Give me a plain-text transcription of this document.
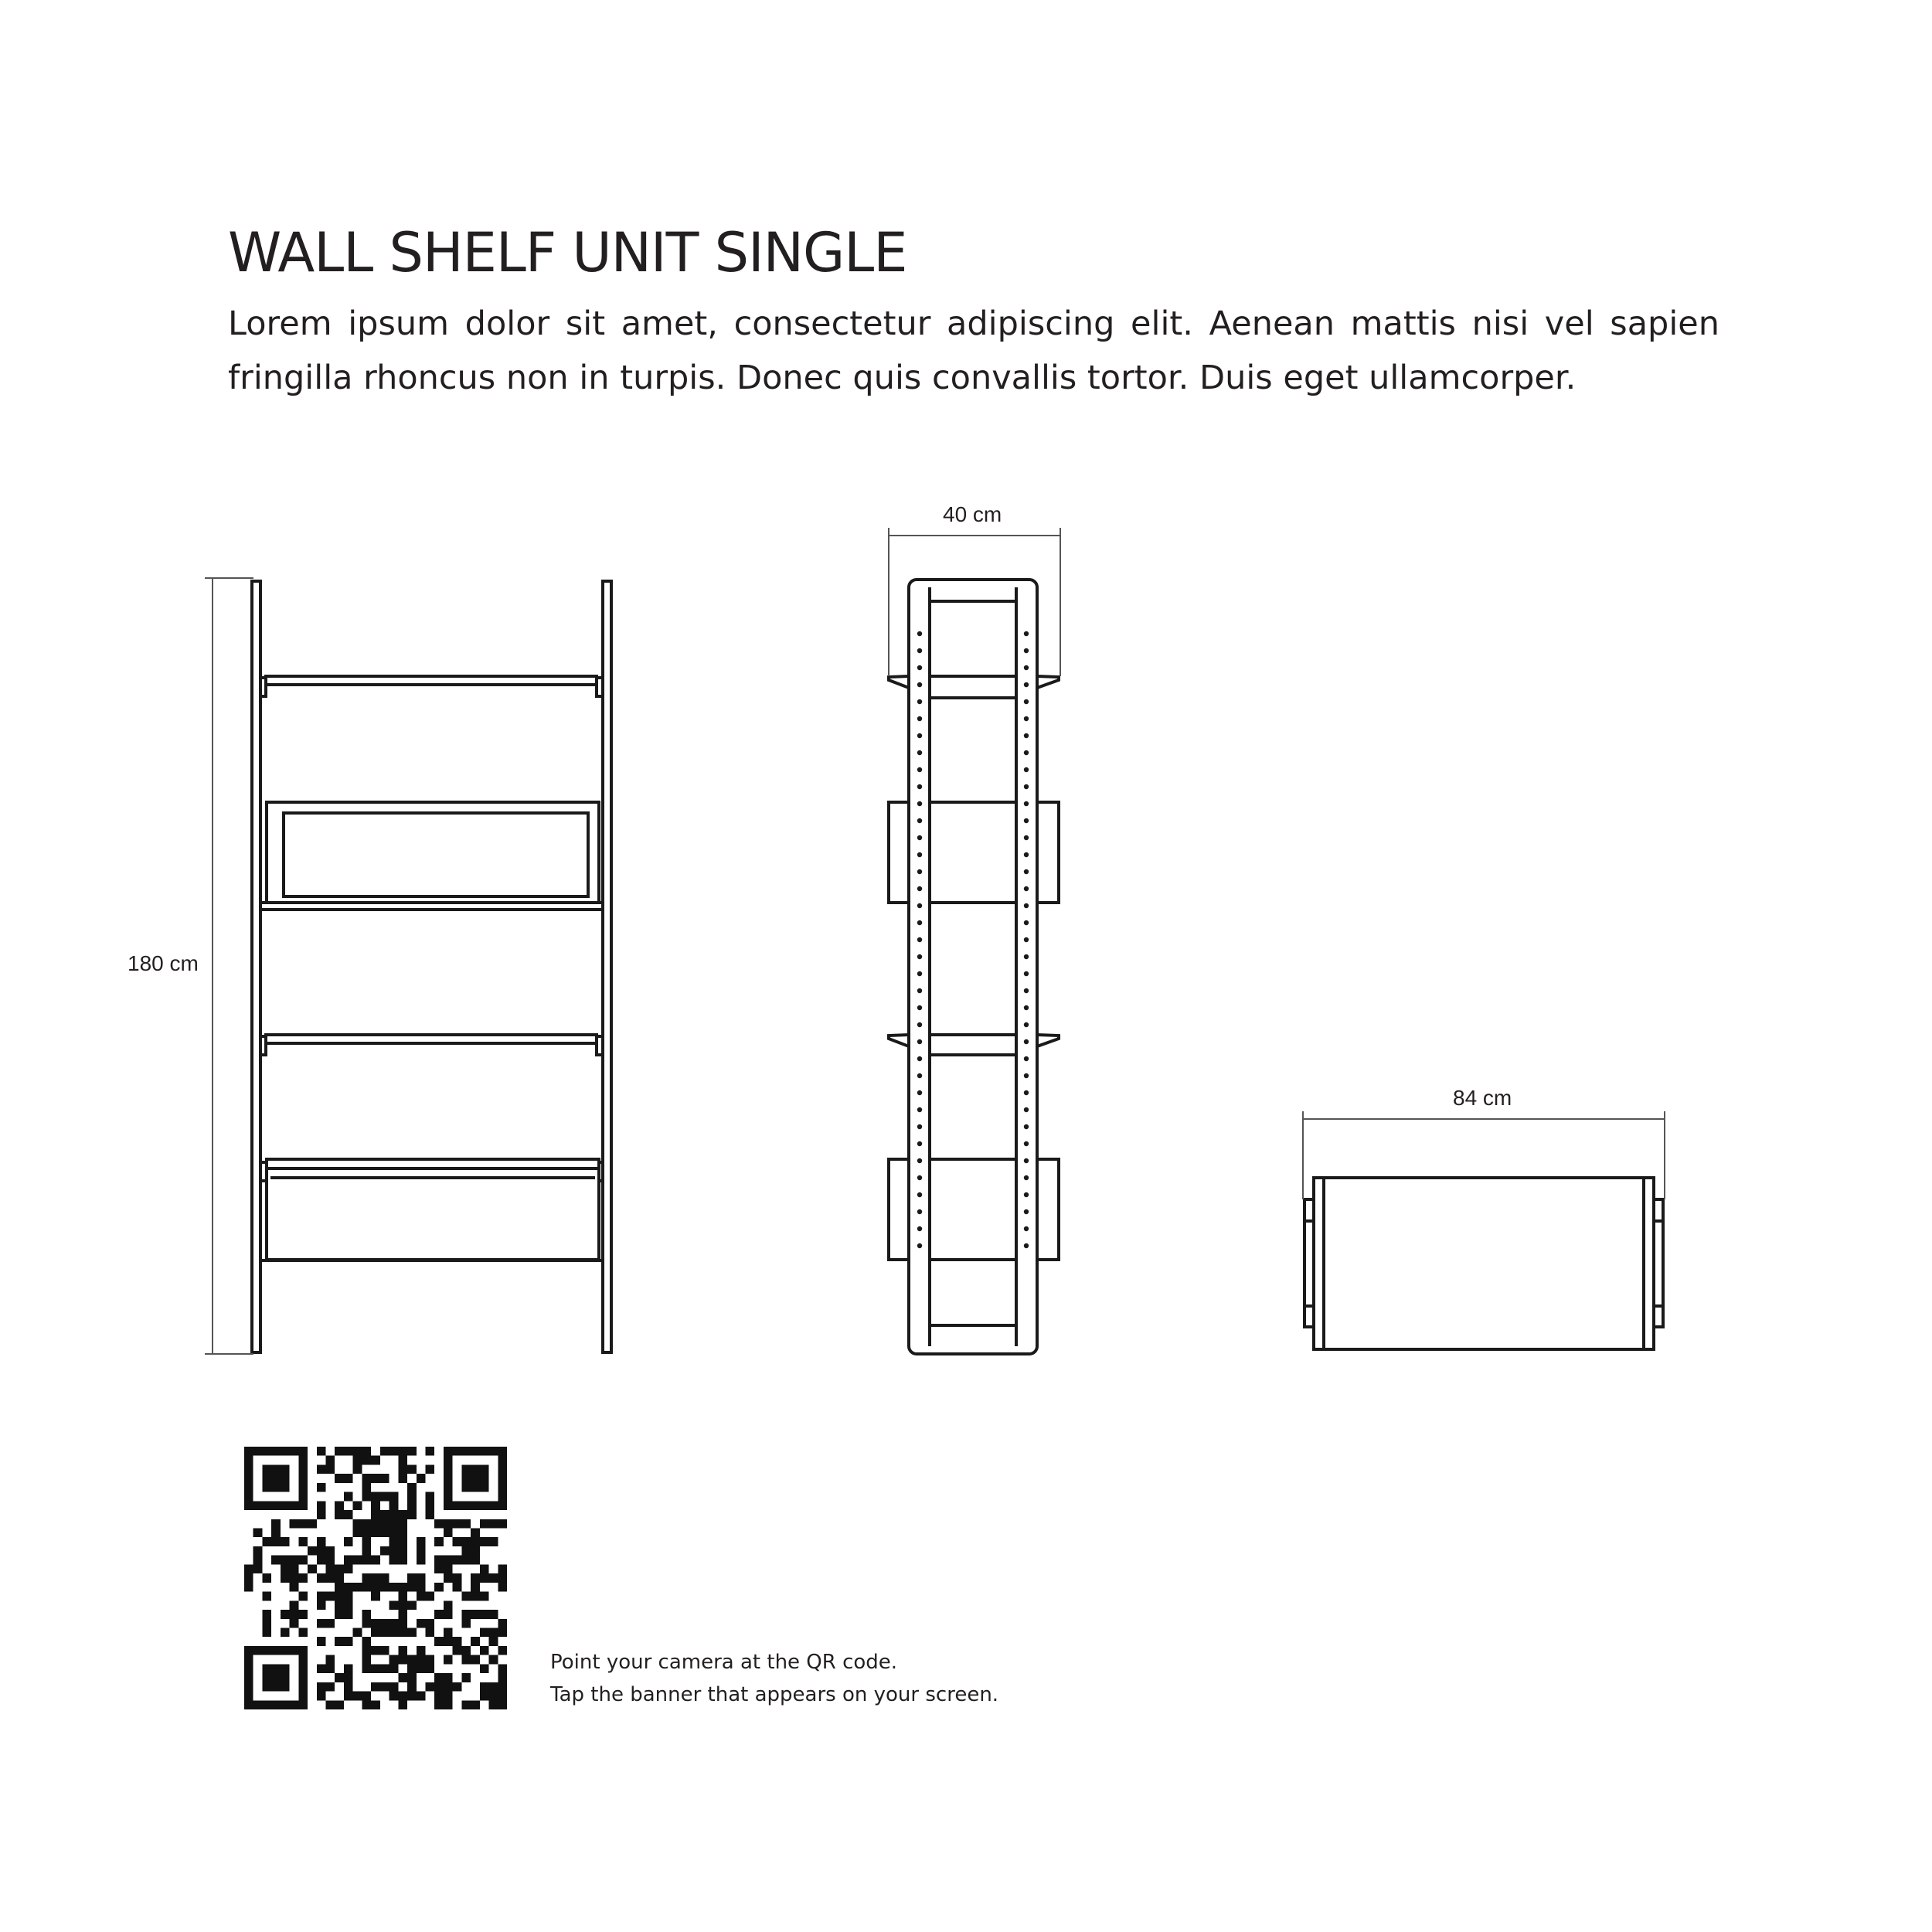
WALL SHELF UNIT SINGLE

Lorem ipsum dolor sit amet, consectetur adipiscing elit. Aenean mattis nisi vel sapien fringilla rhoncus non in turpis. Donec quis convallis tortor. Duis eget ullamcorper.

180 cm
40 cm
84 cm
Point your camera at the QR code.
Tap the banner that appears on your screen.
